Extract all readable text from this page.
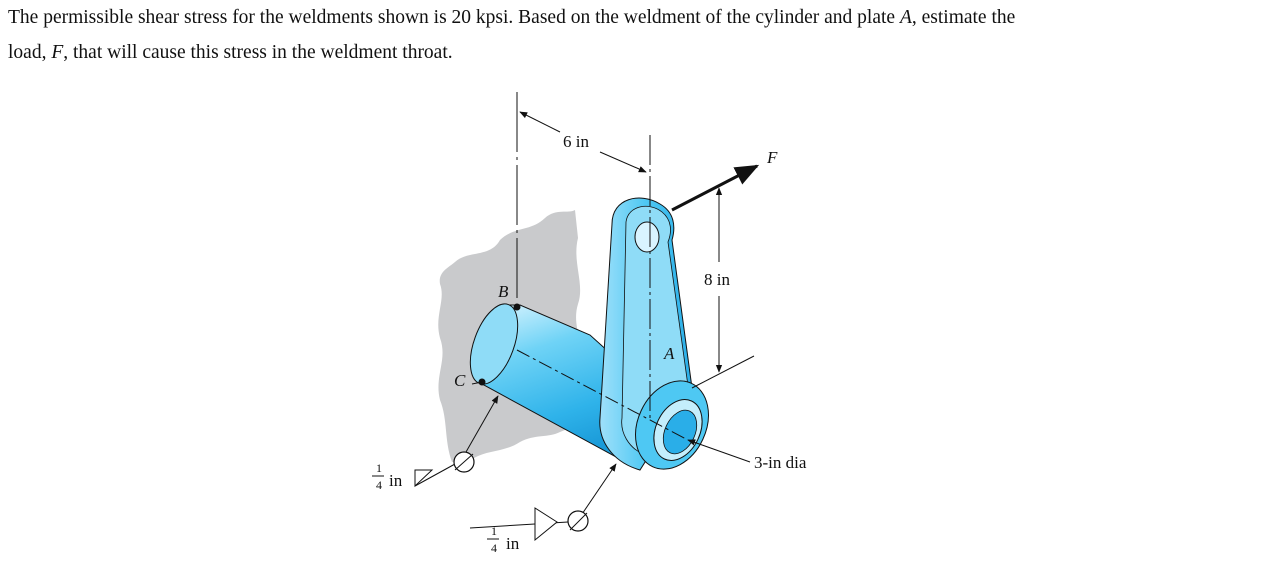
The permissible shear stress for the weldments shown is 20 kpsi. Based on the weldment of the cylinder and plate A, estimate the
load, F, that will cause this stress in the weldment throat.
6 in
F
8 in
A
B
C
3-in dia
1
4 in
1
4 in
